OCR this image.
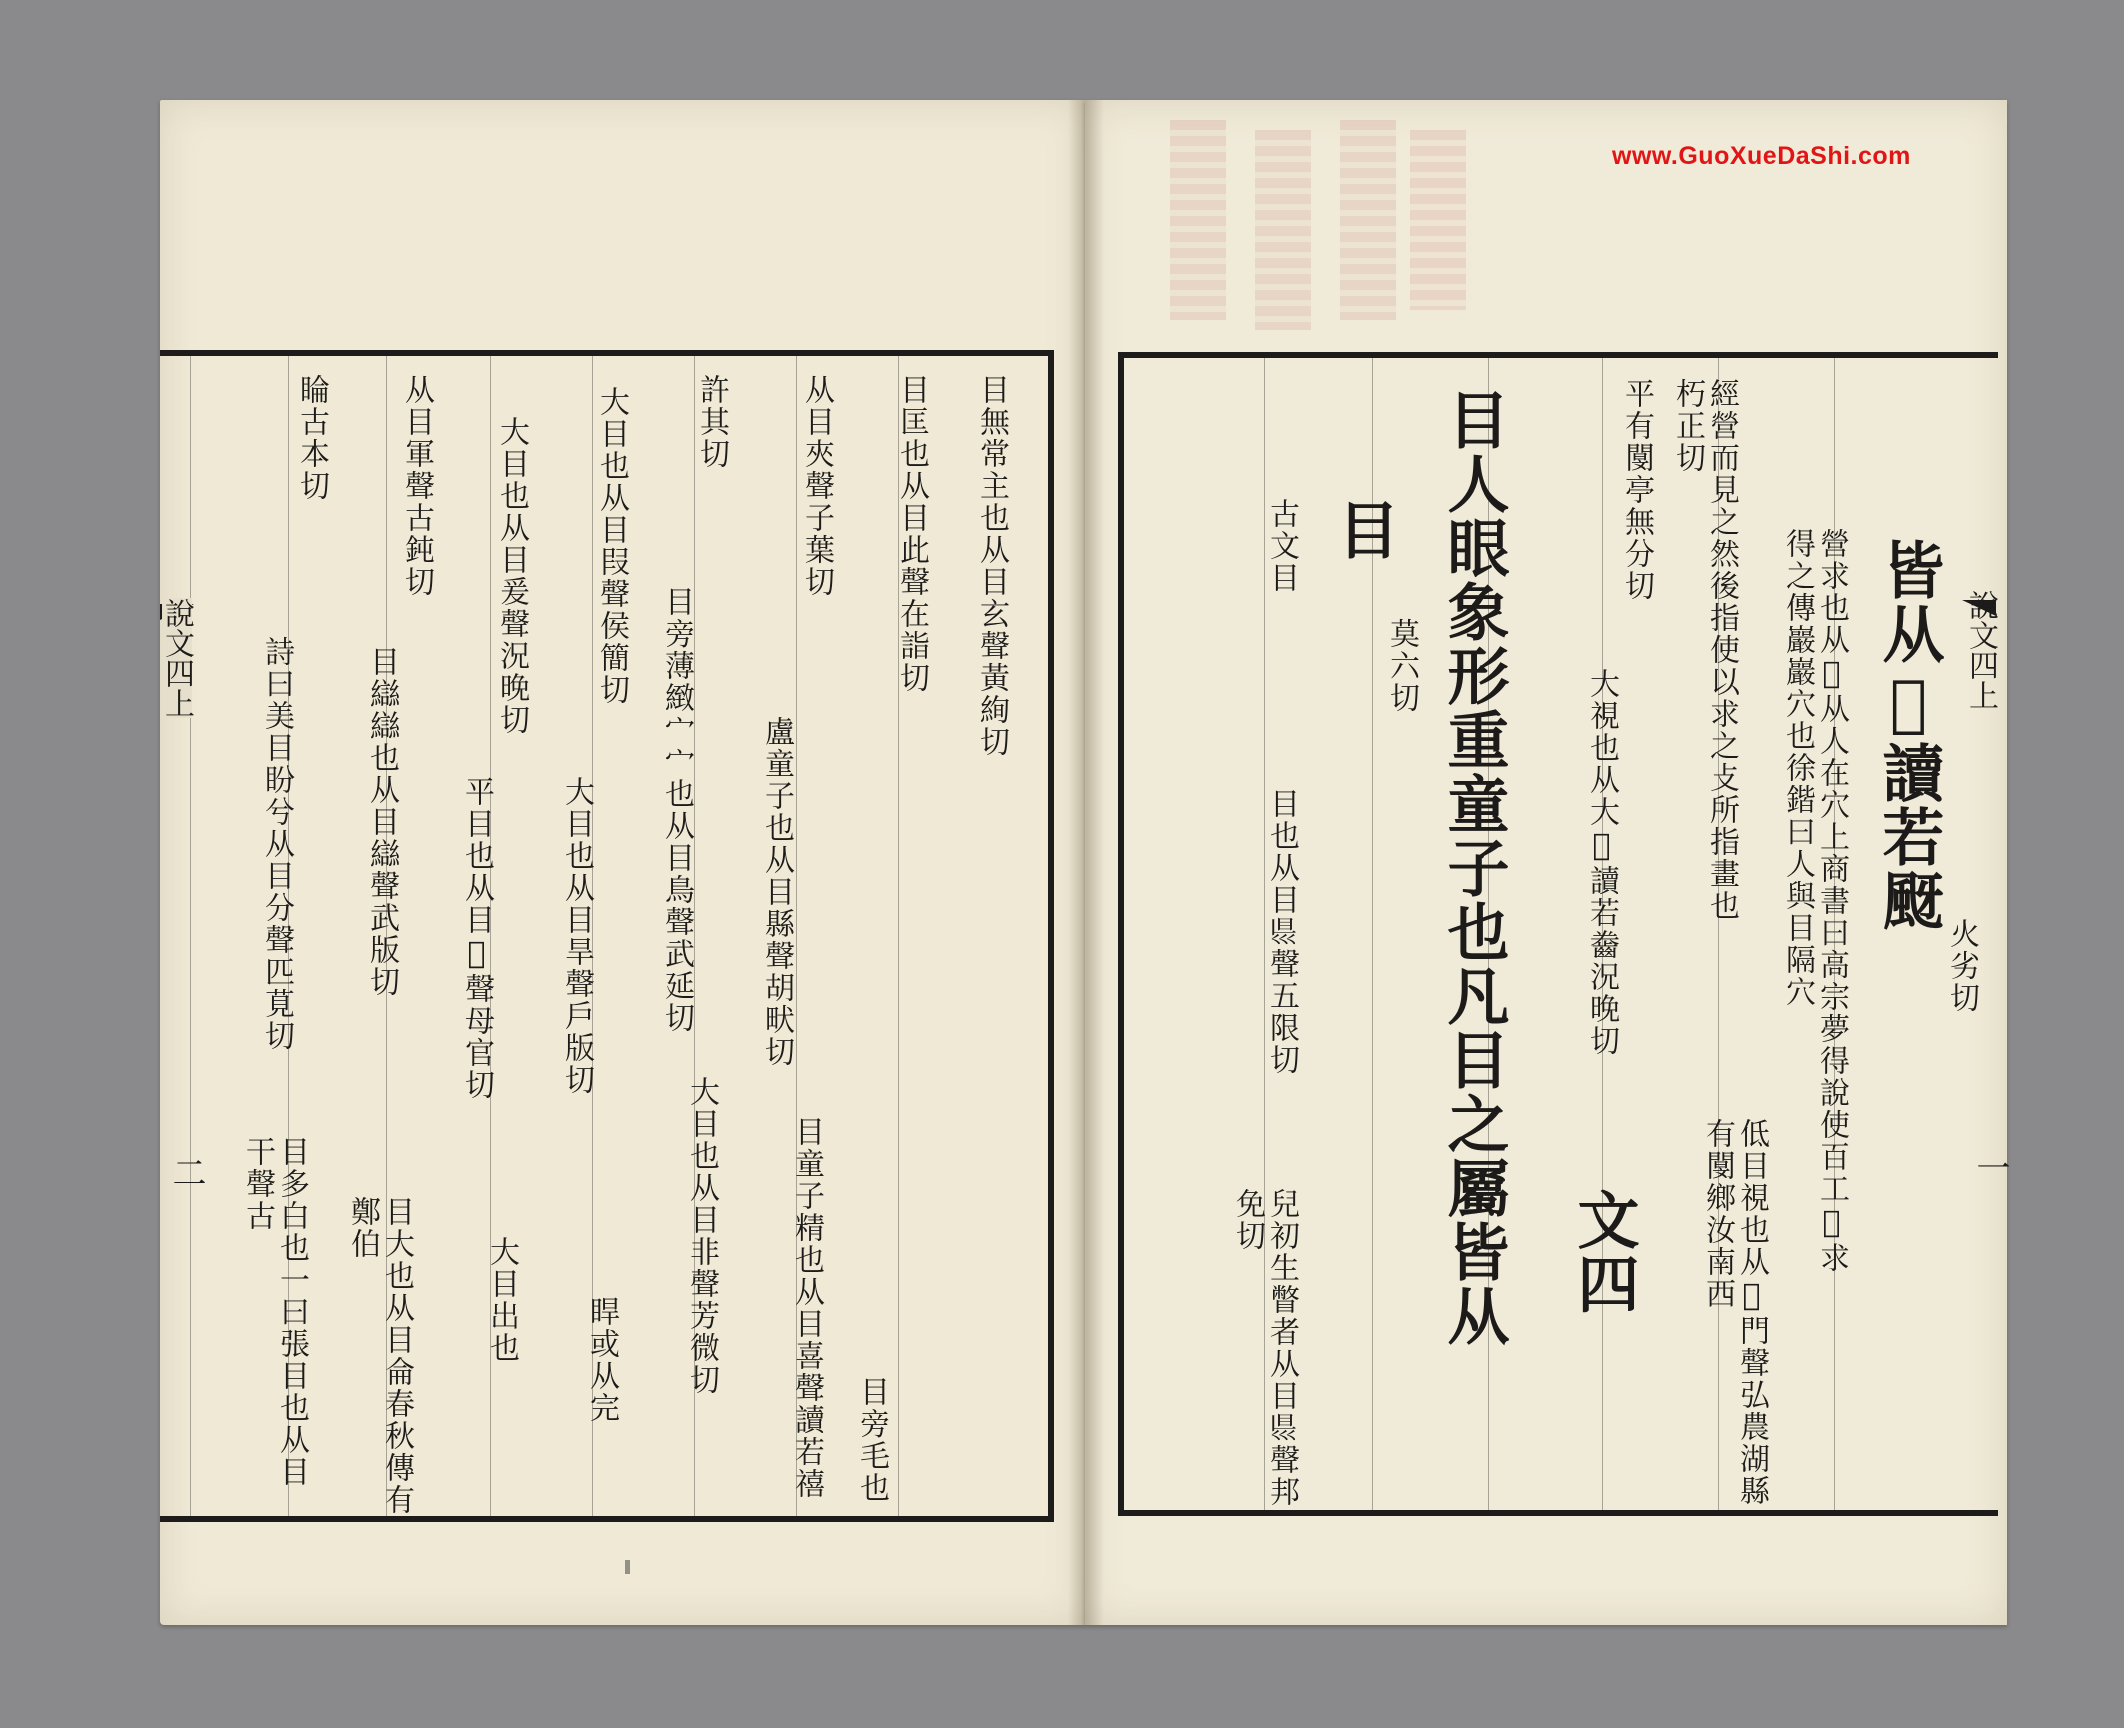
www.GuoXueDaShi.com
目無常主也从目玄聲黃絢切
目匡也从目此聲在詣切
目旁毛也
从目夾聲子葉切
盧童子也从目縣聲胡畎切
目童子精也从目喜聲讀若禧
許其切
目旁薄緻宀宀也从目鳥聲武延切
大目也从目非聲芳微切
大目也从目叚聲侯簡切
大目也从目旱聲戶版切
睅或从完
大目也从目爰聲況晚切
平目也从目𥇨聲母官切
大目出也
从目軍聲古鈍切
目䜌䜌也从目䜌聲武版切
目大也从目侖春秋傳有鄭伯
睔古本切
詩曰美目盼兮从目分聲匹莧切
目多白也一曰張目也从目干聲古
皆从𡕥讀若颬
火劣切
營求也从𡕥从人在穴上商書曰高宗夢得說使百工𡕥求得之傳巖巖穴也徐鍇曰人與目隔穴
經營而見之然後指使以求之攴所指畫也朽正切
低目視也从𡕥門聲弘農湖縣有閺鄉汝南西
平有閺亭無分切
大視也从大𡕥讀若齤況晚切
文四
目人眼象形重童子也凡目之屬皆从
目
莫六切
古文目
目也从目𥄉聲五限切
兒初生瞥者从目𥄉聲邦免切
說文四上
二
說文四上
一
